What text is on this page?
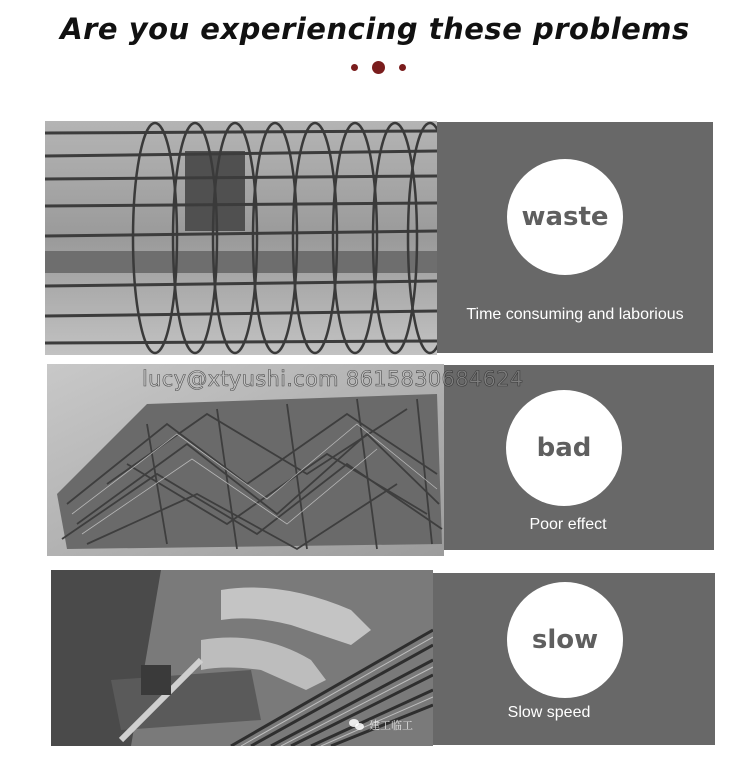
Are you experiencing these problems
waste
Time consuming and laborious
bad
Poor effect
slow
Slow speed
lucy@xtyushi.com 8615830684624
建工临工
